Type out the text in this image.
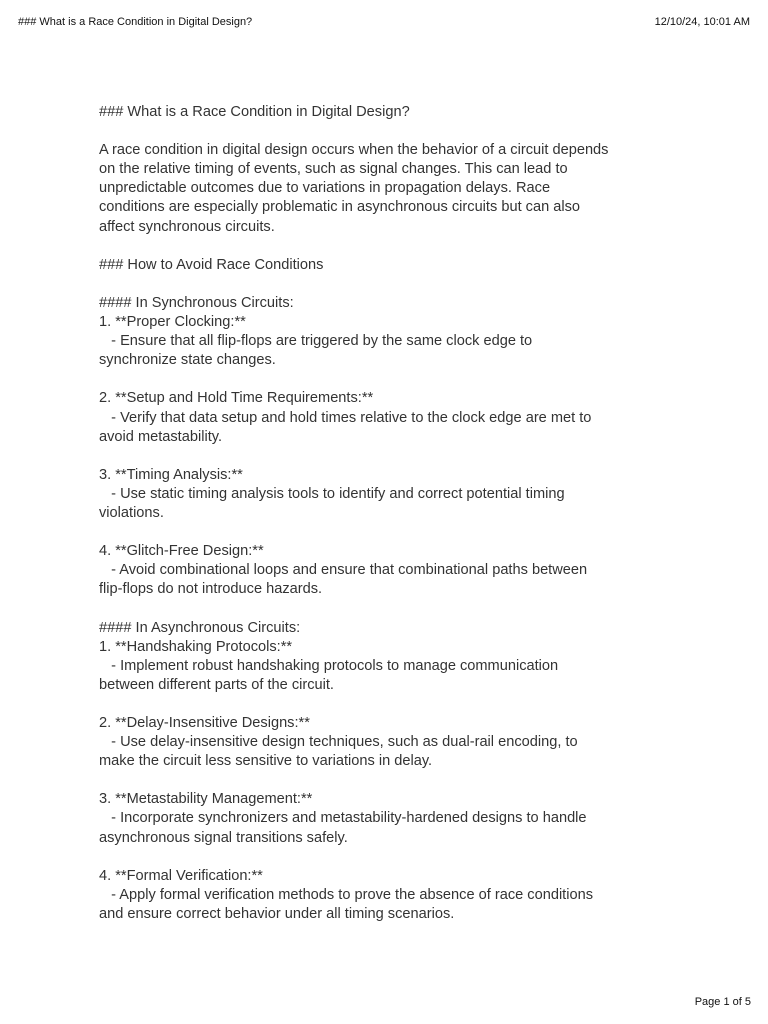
### What is a Race Condition in Digital Design?	12/10/24, 10:01 AM
### What is a Race Condition in Digital Design?
A race condition in digital design occurs when the behavior of a circuit depends
on the relative timing of events, such as signal changes. This can lead to
unpredictable outcomes due to variations in propagation delays. Race
conditions are especially problematic in asynchronous circuits but can also
affect synchronous circuits.
### How to Avoid Race Conditions
#### In Synchronous Circuits:
1. **Proper Clocking:**
- Ensure that all flip-flops are triggered by the same clock edge to
synchronize state changes.
2. **Setup and Hold Time Requirements:**
- Verify that data setup and hold times relative to the clock edge are met to
avoid metastability.
3. **Timing Analysis:**
- Use static timing analysis tools to identify and correct potential timing
violations.
4. **Glitch-Free Design:**
- Avoid combinational loops and ensure that combinational paths between
flip-flops do not introduce hazards.
#### In Asynchronous Circuits:
1. **Handshaking Protocols:**
- Implement robust handshaking protocols to manage communication
between different parts of the circuit.
2. **Delay-Insensitive Designs:**
- Use delay-insensitive design techniques, such as dual-rail encoding, to
make the circuit less sensitive to variations in delay.
3. **Metastability Management:**
- Incorporate synchronizers and metastability-hardened designs to handle
asynchronous signal transitions safely.
4. **Formal Verification:**
- Apply formal verification methods to prove the absence of race conditions
and ensure correct behavior under all timing scenarios.
Page 1 of 5
